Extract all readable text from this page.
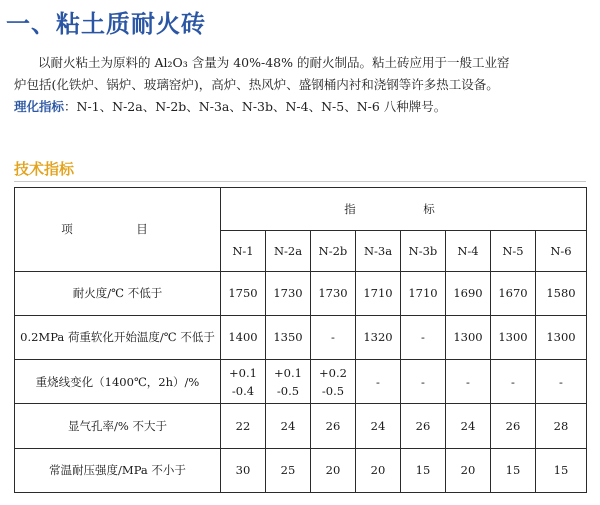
一、粘土质耐火砖
以耐火粘土为原料的 Al₂O₃ 含量为 40%-48% 的耐火制品。粘土砖应用于一般工业窑
炉包括(化铁炉、锅炉、玻璃窑炉)，高炉、热风炉、盛钢桶内衬和浇钢等许多热工设备。
理化指标：N-1、N-2a、N-2b、N-3a、N-3b、N-4、N-5、N-6 八种牌号。
技术指标
项　目	指　标							
	N-1	N-2a	N-2b	N-3a	N-3b	N-4	N-5	N-6
耐火度/℃ 不低于	1750	1730	1730	1710	1710	1690	1670	1580
0.2MPa 荷重软化开始温度/℃ 不低于	1400	1350	-	1320	-	1300	1300	1300
重烧线变化（1400℃，2h）/%	+0.1
-0.4	+0.1
-0.5	+0.2
-0.5	-	-	-	-	-
显气孔率/% 不大于	22	24	26	24	26	24	26	28
常温耐压强度/MPa 不小于	30	25	20	20	15	20	15	15
